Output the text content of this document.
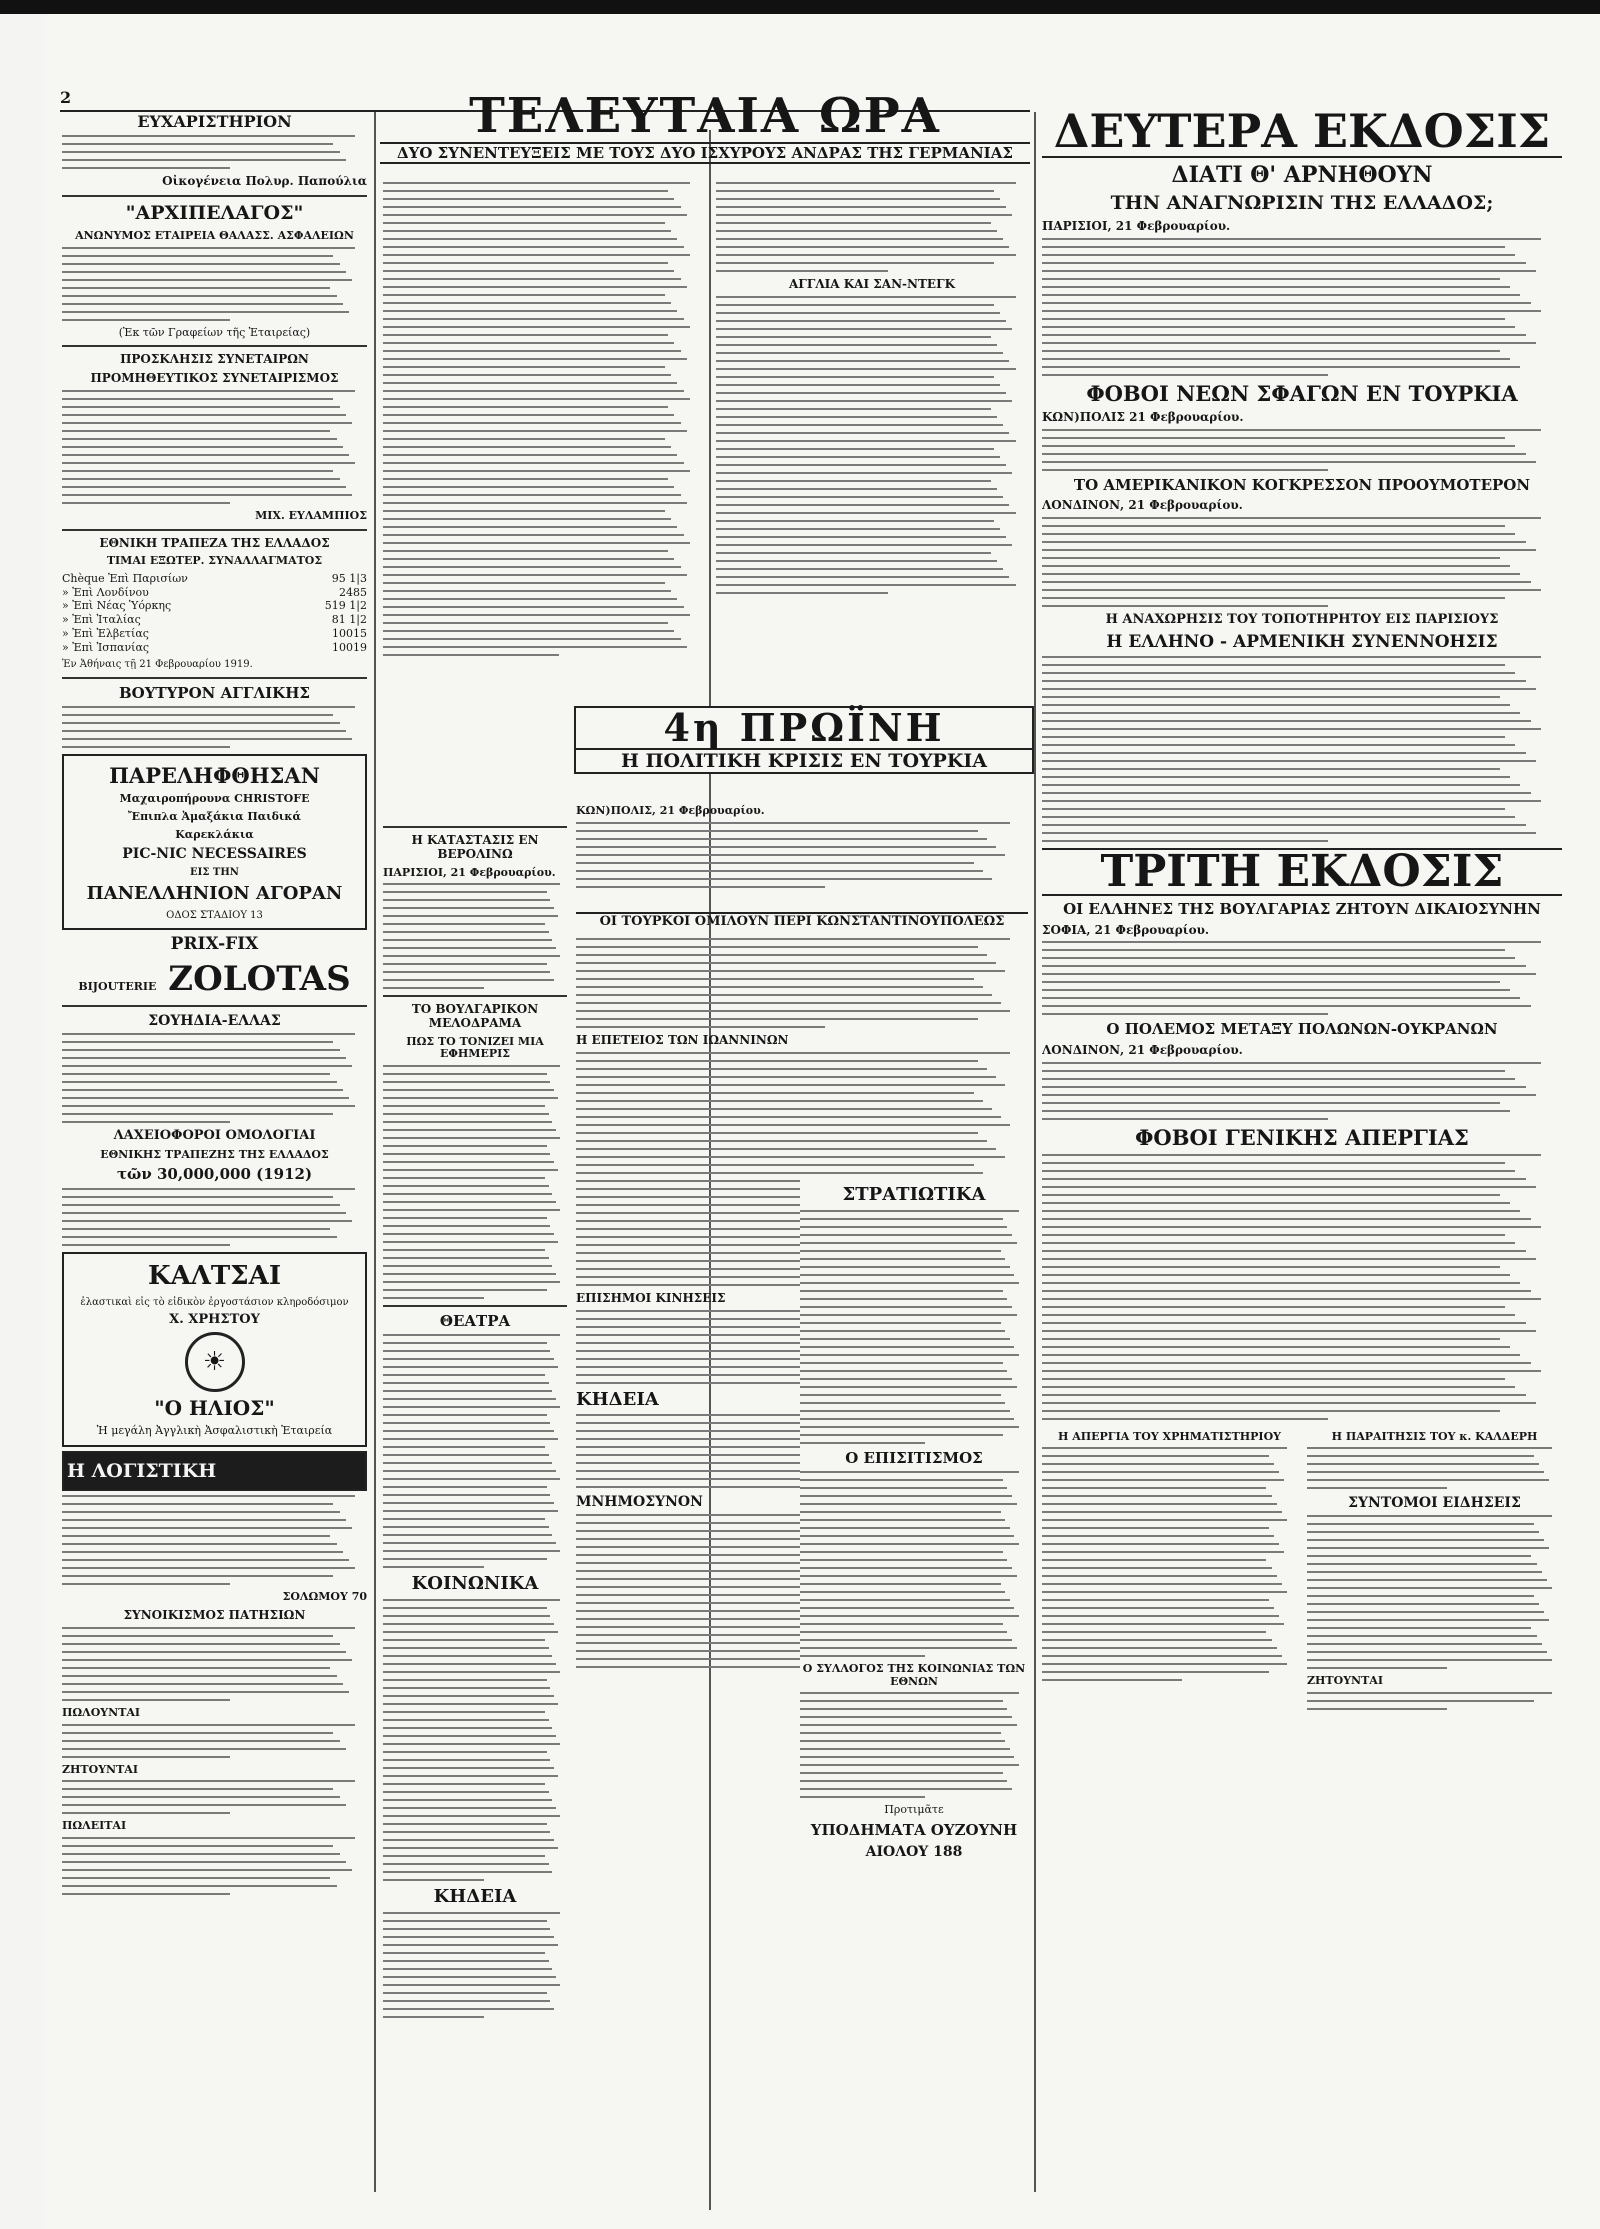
2
ΕΥΧΑΡΙΣΤΗΡΙΟΝ
Οἰκογένεια Πολυρ. Παπούλια
"ΑΡΧΙΠΕΛΑΓΟΣ"
ΑΝΩΝΥΜΟΣ ΕΤΑΙΡΕΙΑ ΘΑΛΑΣΣ. ΑΣΦΑΛΕΙΩΝ
(Ἐκ τῶν Γραφείων τῆς Ἑταιρείας)
ΠΡΟΣΚΛΗΣΙΣ ΣΥΝΕΤΑΙΡΩΝ
ΠΡΟΜΗΘΕΥΤΙΚΟΣ ΣΥΝΕΤΑΙΡΙΣΜΟΣ
ΜΙΧ. ΕΥΛΑΜΠΙΟΣ
ΕΘΝΙΚΗ ΤΡΑΠΕΖΑ ΤΗΣ ΕΛΛΑΔΟΣ
ΤΙΜΑΙ ΕΞΩΤΕΡ. ΣΥΝΑΛΛΑΓΜΑΤΟΣ
Chèque Ἐπὶ Παρισίων	95 1|3
» Ἐπὶ Λονδίνου	2485
» Ἐπὶ Νέας Ὑόρκης	519 1|2
» Ἐπὶ Ἰταλίας	81 1|2
» Ἐπὶ Ἑλβετίας	10015
» Ἐπὶ Ἱσπανίας	10019
Ἐν Ἀθήναις τῇ 21 Φεβρουαρίου 1919.
ΒΟΥΤΥΡΟΝ ΑΓΓΛΙΚΗΣ
ΠΑΡΕΛΗΦΘΗΣΑΝ
Μαχαιροπήρουνα CHRISTOFE
Ἔπιπλα Ἀμαξάκια Παιδικά
Καρεκλάκια
PIC-NIC NECESSAIRES
ΕΙΣ ΤΗΝ
ΠΑΝΕΛΛΗΝΙΟΝ ΑΓΟΡΑΝ
ΟΔΟΣ ΣΤΑΔΙΟΥ 13
PRIX-FIX
BIJOUTERIE ZOLOTAS
ΣΟΥΗΔΙΑ-ΕΛΛΑΣ
ΛΑΧΕΙΟΦΟΡΟΙ ΟΜΟΛΟΓΙΑΙ
ΕΘΝΙΚΗΣ ΤΡΑΠΕΖΗΣ ΤΗΣ ΕΛΛΑΔΟΣ
τῶν 30,000,000 (1912)
ΚΑΛΤΣΑΙ
ἐλαστικαὶ εἰς τὸ εἰδικὸν ἐργοστάσιον κληροδόσιμον
Χ. ΧΡΗΣΤΟΥ
☀
"Ο ΗΛΙΟΣ"
Ἡ μεγάλη Ἀγγλικὴ Ἀσφαλιστικὴ Ἑταιρεία
Η ΛΟΓΙΣΤΙΚΗ
ΣΟΛΩΜΟΥ 70
ΣΥΝΟΙΚΙΣΜΟΣ ΠΑΤΗΣΙΩΝ
ΠΩΛΟΥΝΤΑΙ
ΖΗΤΟΥΝΤΑΙ
ΠΩΛΕΙΤΑΙ
ΤΕΛΕΥΤΑΙΑ ΩΡΑ
ΔΥΟ ΣΥΝΕΝΤΕΥΞΕΙΣ ΜΕ ΤΟΥΣ ΔΥΟ ΙΣΧΥΡΟΥΣ ΑΝΔΡΑΣ ΤΗΣ ΓΕΡΜΑΝΙΑΣ
ΑΓΓΛΙΑ ΚΑΙ ΣΑΝ-ΝΤΕΓΚ
4η ΠΡΩΪΝΗ
Η ΠΟΛΙΤΙΚΗ ΚΡΙΣΙΣ ΕΝ ΤΟΥΡΚΙΑ
ΚΩΝ)ΠΟΛΙΣ, 21 Φεβρουαρίου.
ΟΙ ΤΟΥΡΚΟΙ ΟΜΙΛΟΥΝ ΠΕΡΙ ΚΩΝΣΤΑΝΤΙΝΟΥΠΟΛΕΩΣ
Η ΚΑΤΑΣΤΑΣΙΣ ΕΝ ΒΕΡΟΛΙΝΩ
ΠΑΡΙΣΙΟΙ, 21 Φεβρουαρίου.
ΤΟ ΒΟΥΛΓΑΡΙΚΟΝ ΜΕΛΟΔΡΑΜΑ
ΠΩΣ ΤΟ ΤΟΝΙΖΕΙ ΜΙΑ ΕΦΗΜΕΡΙΣ
ΘΕΑΤΡΑ
ΚΟΙΝΩΝΙΚΑ
ΚΗΔΕΙΑ
Η ΕΠΕΤΕΙΟΣ ΤΩΝ ΙΩΑΝΝΙΝΩΝ
ΕΠΙΣΗΜΟΙ ΚΙΝΗΣΕΙΣ
ΚΗΔΕΙΑ
ΜΝΗΜΟΣΥΝΟΝ
ΣΤΡΑΤΙΩΤΙΚΑ
Ο ΕΠΙΣΙΤΙΣΜΟΣ
Ο ΣΥΛΛΟΓΟΣ ΤΗΣ ΚΟΙΝΩΝΙΑΣ ΤΩΝ ΕΘΝΩΝ
Προτιμᾶτε
ΥΠΟΔΗΜΑΤΑ ΟΥΖΟΥΝΗ
ΑΙΟΛΟΥ 188
ΔΕΥΤΕΡΑ ΕΚΔΟΣΙΣ
ΔΙΑΤΙ Θ' ΑΡΝΗΘΟΥΝ
ΤΗΝ ΑΝΑΓΝΩΡΙΣΙΝ ΤΗΣ ΕΛΛΑΔΟΣ;
ΠΑΡΙΣΙΟΙ, 21 Φεβρουαρίου.
ΦΟΒΟΙ ΝΕΩΝ ΣΦΑΓΩΝ ΕΝ ΤΟΥΡΚΙΑ
ΚΩΝ)ΠΟΛΙΣ 21 Φεβρουαρίου.
ΤΟ ΑΜΕΡΙΚΑΝΙΚΟΝ ΚΟΓΚΡΕΣΣΟΝ ΠΡΟΟΥΜΟΤΕΡΟΝ
ΛΟΝΔΙΝΟΝ, 21 Φεβρουαρίου.
Η ΑΝΑΧΩΡΗΣΙΣ ΤΟΥ ΤΟΠΟΤΗΡΗΤΟΥ ΕΙΣ ΠΑΡΙΣΙΟΥΣ
Η ΕΛΛΗΝΟ - ΑΡΜΕΝΙΚΗ ΣΥΝΕΝΝΟΗΣΙΣ
ΤΡΙΤΗ ΕΚΔΟΣΙΣ
ΟΙ ΕΛΛΗΝΕΣ ΤΗΣ ΒΟΥΛΓΑΡΙΑΣ ΖΗΤΟΥΝ ΔΙΚΑΙΟΣΥΝΗΝ
ΣΟΦΙΑ, 21 Φεβρουαρίου.
Ο ΠΟΛΕΜΟΣ ΜΕΤΑΞΥ ΠΟΛΩΝΩΝ-ΟΥΚΡΑΝΩΝ
ΛΟΝΔΙΝΟΝ, 21 Φεβρουαρίου.
ΦΟΒΟΙ ΓΕΝΙΚΗΣ ΑΠΕΡΓΙΑΣ
Η ΑΠΕΡΓΙΑ ΤΟΥ ΧΡΗΜΑΤΙΣΤΗΡΙΟΥ	Η ΠΑΡΑΙΤΗΣΙΣ ΤΟΥ κ. ΚΑΛΔΕΡΗ
ΣΥΝΤΟΜΟΙ ΕΙΔΗΣΕΙΣ
ΖΗΤΟΥΝΤΑΙ
